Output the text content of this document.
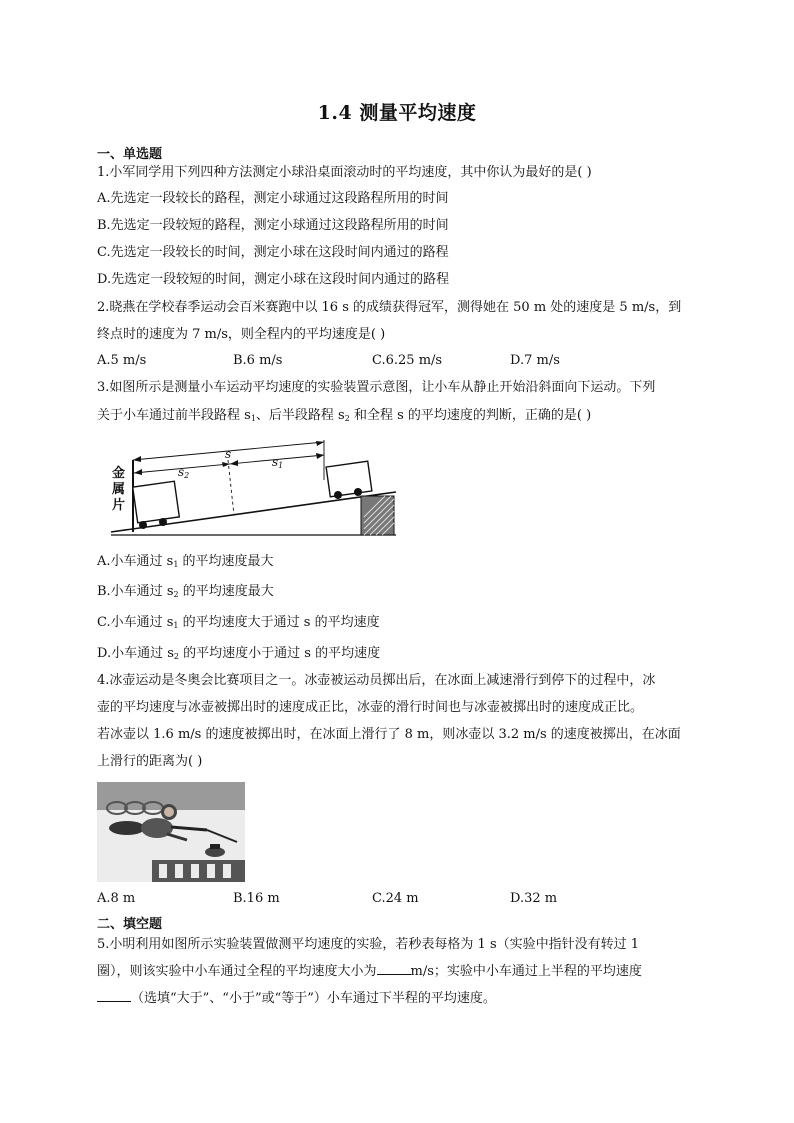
1.4 测量平均速度
一、单选题
1.小军同学用下列四种方法测定小球沿桌面滚动时的平均速度，其中你认为最好的是( )
A.先选定一段较长的路程，测定小球通过这段路程所用的时间
B.先选定一段较短的路程，测定小球通过这段路程所用的时间
C.先选定一段较长的时间，测定小球在这段时间内通过的路程
D.先选定一段较短的时间，测定小球在这段时间内通过的路程
2.晓燕在学校春季运动会百米赛跑中以 16 s 的成绩获得冠军，测得她在 50 m 处的速度是 5 m/s，到
终点时的速度为 7 m/s，则全程内的平均速度是( )
A.5 m/s	B.6 m/s	C.6.25 m/s	D.7 m/s
3.如图所示是测量小车运动平均速度的实验装置示意图，让小车从静止开始沿斜面向下运动。下列
关于小车通过前半段路程 $s_1$、后半段路程 $s_2$ 和全程 s 的平均速度的判断，正确的是( )
金
属
片
s
$s_2$
$s_1$
A.小车通过 $s_1$ 的平均速度最大
B.小车通过 $s_2$ 的平均速度最大
C.小车通过 $s_1$ 的平均速度大于通过 s 的平均速度
D.小车通过 $s_2$ 的平均速度小于通过 s 的平均速度
4.冰壶运动是冬奥会比赛项目之一。冰壶被运动员掷出后，在冰面上减速滑行到停下的过程中，冰
壶的平均速度与冰壶被掷出时的速度成正比，冰壶的滑行时间也与冰壶被掷出时的速度成正比。
若冰壶以 1.6 m/s 的速度被掷出时，在冰面上滑行了 8 m，则冰壶以 3.2 m/s 的速度被掷出，在冰面
上滑行的距离为( )
A.8 m	B.16 m	C.24 m	D.32 m
二、填空题
5.小明利用如图所示实验装置做测平均速度的实验，若秒表每格为 1 s（实验中指针没有转过 1
圈），则该实验中小车通过全程的平均速度大小为	m/s；实验中小车通过上半程的平均速度
（选填“大于”、“小于”或“等于”）小车通过下半程的平均速度。
